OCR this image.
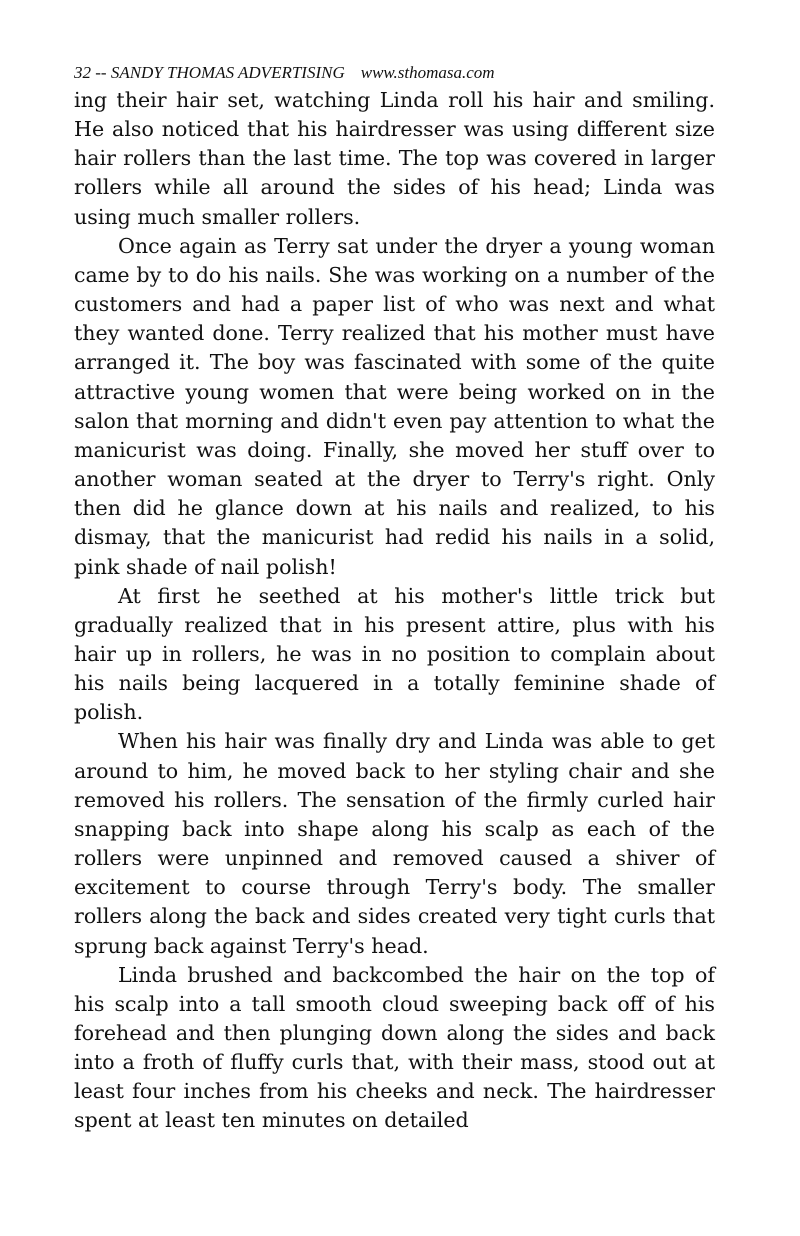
32 -- SANDY THOMAS ADVERTISING www.sthomasa.com

ing their hair set, watching Linda roll his hair and smiling. He also noticed that his hairdresser was using different size hair rollers than the last time. The top was covered in larger rollers while all around the sides of his head; Linda was using much smaller rollers.

Once again as Terry sat under the dryer a young woman came by to do his nails. She was working on a number of the customers and had a paper list of who was next and what they wanted done. Terry realized that his mother must have arranged it. The boy was fascinated with some of the quite attractive young women that were being worked on in the salon that morning and didn't even pay attention to what the manicurist was doing. Finally, she moved her stuff over to another woman seated at the dryer to Terry's right. Only then did he glance down at his nails and realized, to his dismay, that the manicurist had redid his nails in a solid, pink shade of nail polish!

At first he seethed at his mother's little trick but gradually realized that in his present attire, plus with his hair up in rollers, he was in no position to complain about his nails being lacquered in a totally feminine shade of polish.

When his hair was finally dry and Linda was able to get around to him, he moved back to her styling chair and she removed his rollers. The sensation of the firmly curled hair snapping back into shape along his scalp as each of the rollers were unpinned and removed caused a shiver of excitement to course through Terry's body. The smaller rollers along the back and sides created very tight curls that sprung back against Terry's head.

Linda brushed and backcombed the hair on the top of his scalp into a tall smooth cloud sweeping back off of his forehead and then plunging down along the sides and back into a froth of fluffy curls that, with their mass, stood out at least four inches from his cheeks and neck. The hairdresser spent at least ten minutes on detailed
